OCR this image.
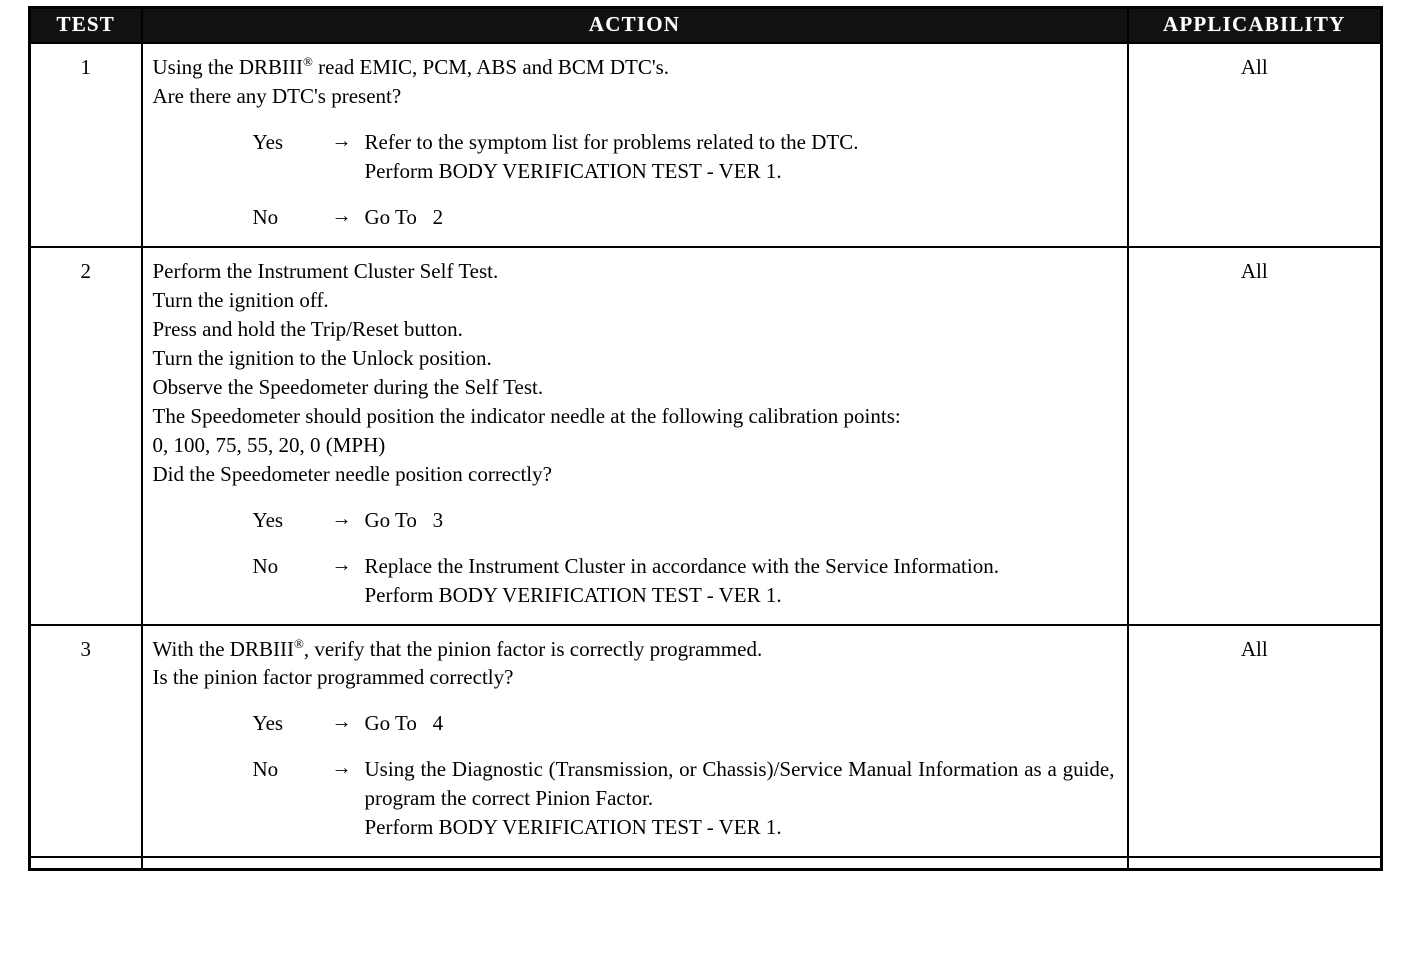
TEST	ACTION	APPLICABILITY
1	Using the DRBIII® read EMIC, PCM, ABS and BCM DTC's.

Are there any DTC's present?

Yes	→ Refer to the symptom list for problems related to the DTC.
Perform BODY VERIFICATION TEST - VER 1.
No	→ Go To   2
	All
2	Perform the Instrument Cluster Self Test.

Turn the ignition off.

Press and hold the Trip/Reset button.

Turn the ignition to the Unlock position.

Observe the Speedometer during the Self Test.

The Speedometer should position the indicator needle at the following calibration points:

0, 100, 75, 55, 20, 0 (MPH)

Did the Speedometer needle position correctly?

Yes	→ Go To   3
No	→ Replace the Instrument Cluster in accordance with the Service Information.
Perform BODY VERIFICATION TEST - VER 1.
	All
3	With the DRBIII®, verify that the pinion factor is correctly programmed.

Is the pinion factor programmed correctly?

Yes	→ Go To   4
No	→ Using the Diagnostic (Transmission, or Chassis)/Service Manual Information as a guide, program the correct Pinion Factor.
Perform BODY VERIFICATION TEST - VER 1.
	All
